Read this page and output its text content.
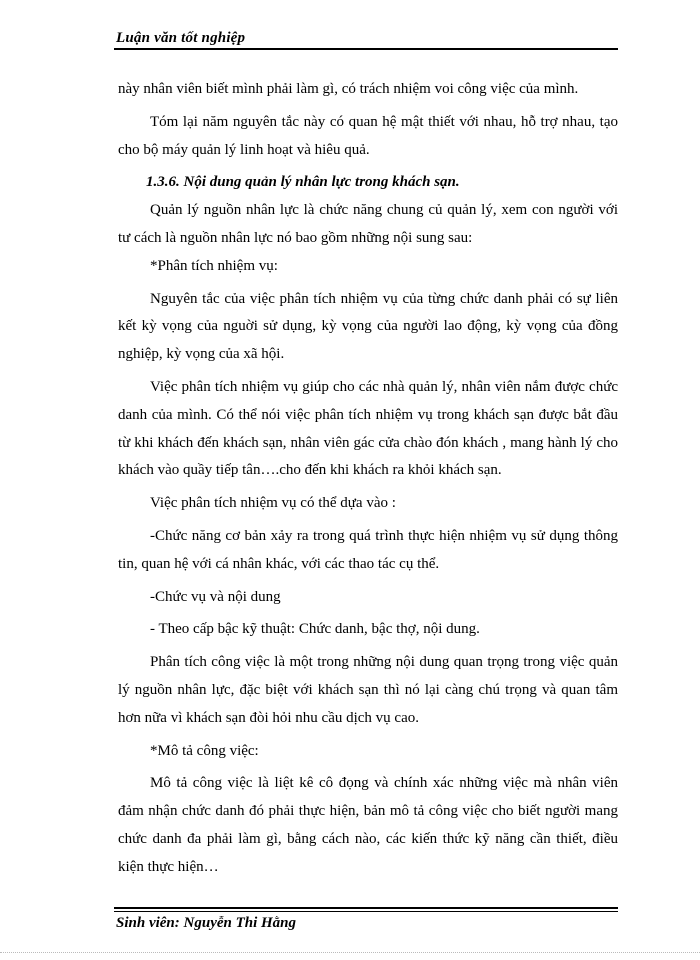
Luận văn tốt nghiệp

này nhân viên biết mình phải làm gì, có trách nhiệm voi công việc của mình.

Tóm lại năm nguyên tắc này có quan hệ mật thiết với nhau, hỗ trợ nhau, tạo cho bộ máy quản lý linh hoạt và hiêu quả.

1.3.6. Nội dung quản lý nhân lực trong khách sạn.

Quản lý nguồn nhân lực là chức năng chung củ quản lý, xem con người với tư cách là nguồn nhân lực nó bao gồm những nội sung sau:

*Phân tích nhiệm vụ:

Nguyên tắc của việc phân tích nhiệm vụ của từng chức danh phải có sự liên kết kỳ vọng của nguời sử dụng, kỳ vọng của người lao động, kỳ vọng của đồng nghiệp, kỳ vọng của xã hội.

Việc phân tích nhiệm vụ giúp cho các nhà quản lý, nhân viên nắm được chức danh của mình. Có thể nói việc phân tích nhiệm vụ trong khách sạn được bắt đầu từ khi khách đến khách sạn, nhân viên gác cửa chào đón khách , mang hành lý cho khách vào quầy tiếp tân….cho đến khi khách ra khỏi khách sạn.

Việc phân tích nhiệm vụ có thể dựa vào :

-Chức năng cơ bản xảy ra trong quá trình thực hiện nhiệm vụ sử dụng thông tin, quan hệ với cá nhân khác, với các thao tác cụ thể.

-Chức vụ và nội dung

- Theo cấp bậc kỹ thuật: Chức danh, bậc thợ, nội dung.

Phân tích công việc là một trong những nội dung quan trọng trong việc quản lý nguồn nhân lực, đặc biệt với khách sạn thì nó lại càng chú trọng và quan tâm hơn nữa vì khách sạn đòi hỏi nhu cầu dịch vụ cao.

*Mô tả công việc:

Mô tả công việc là liệt kê cô đọng và chính xác những việc mà nhân viên đảm nhận chức danh đó phải thực hiện, bản mô tả công việc cho biết người mang chức danh đa phải làm gì, bằng cách nào, các kiến thức kỹ năng cần thiết, điều kiện thực hiện…

Sinh viên: Nguyễn Thi Hằng
